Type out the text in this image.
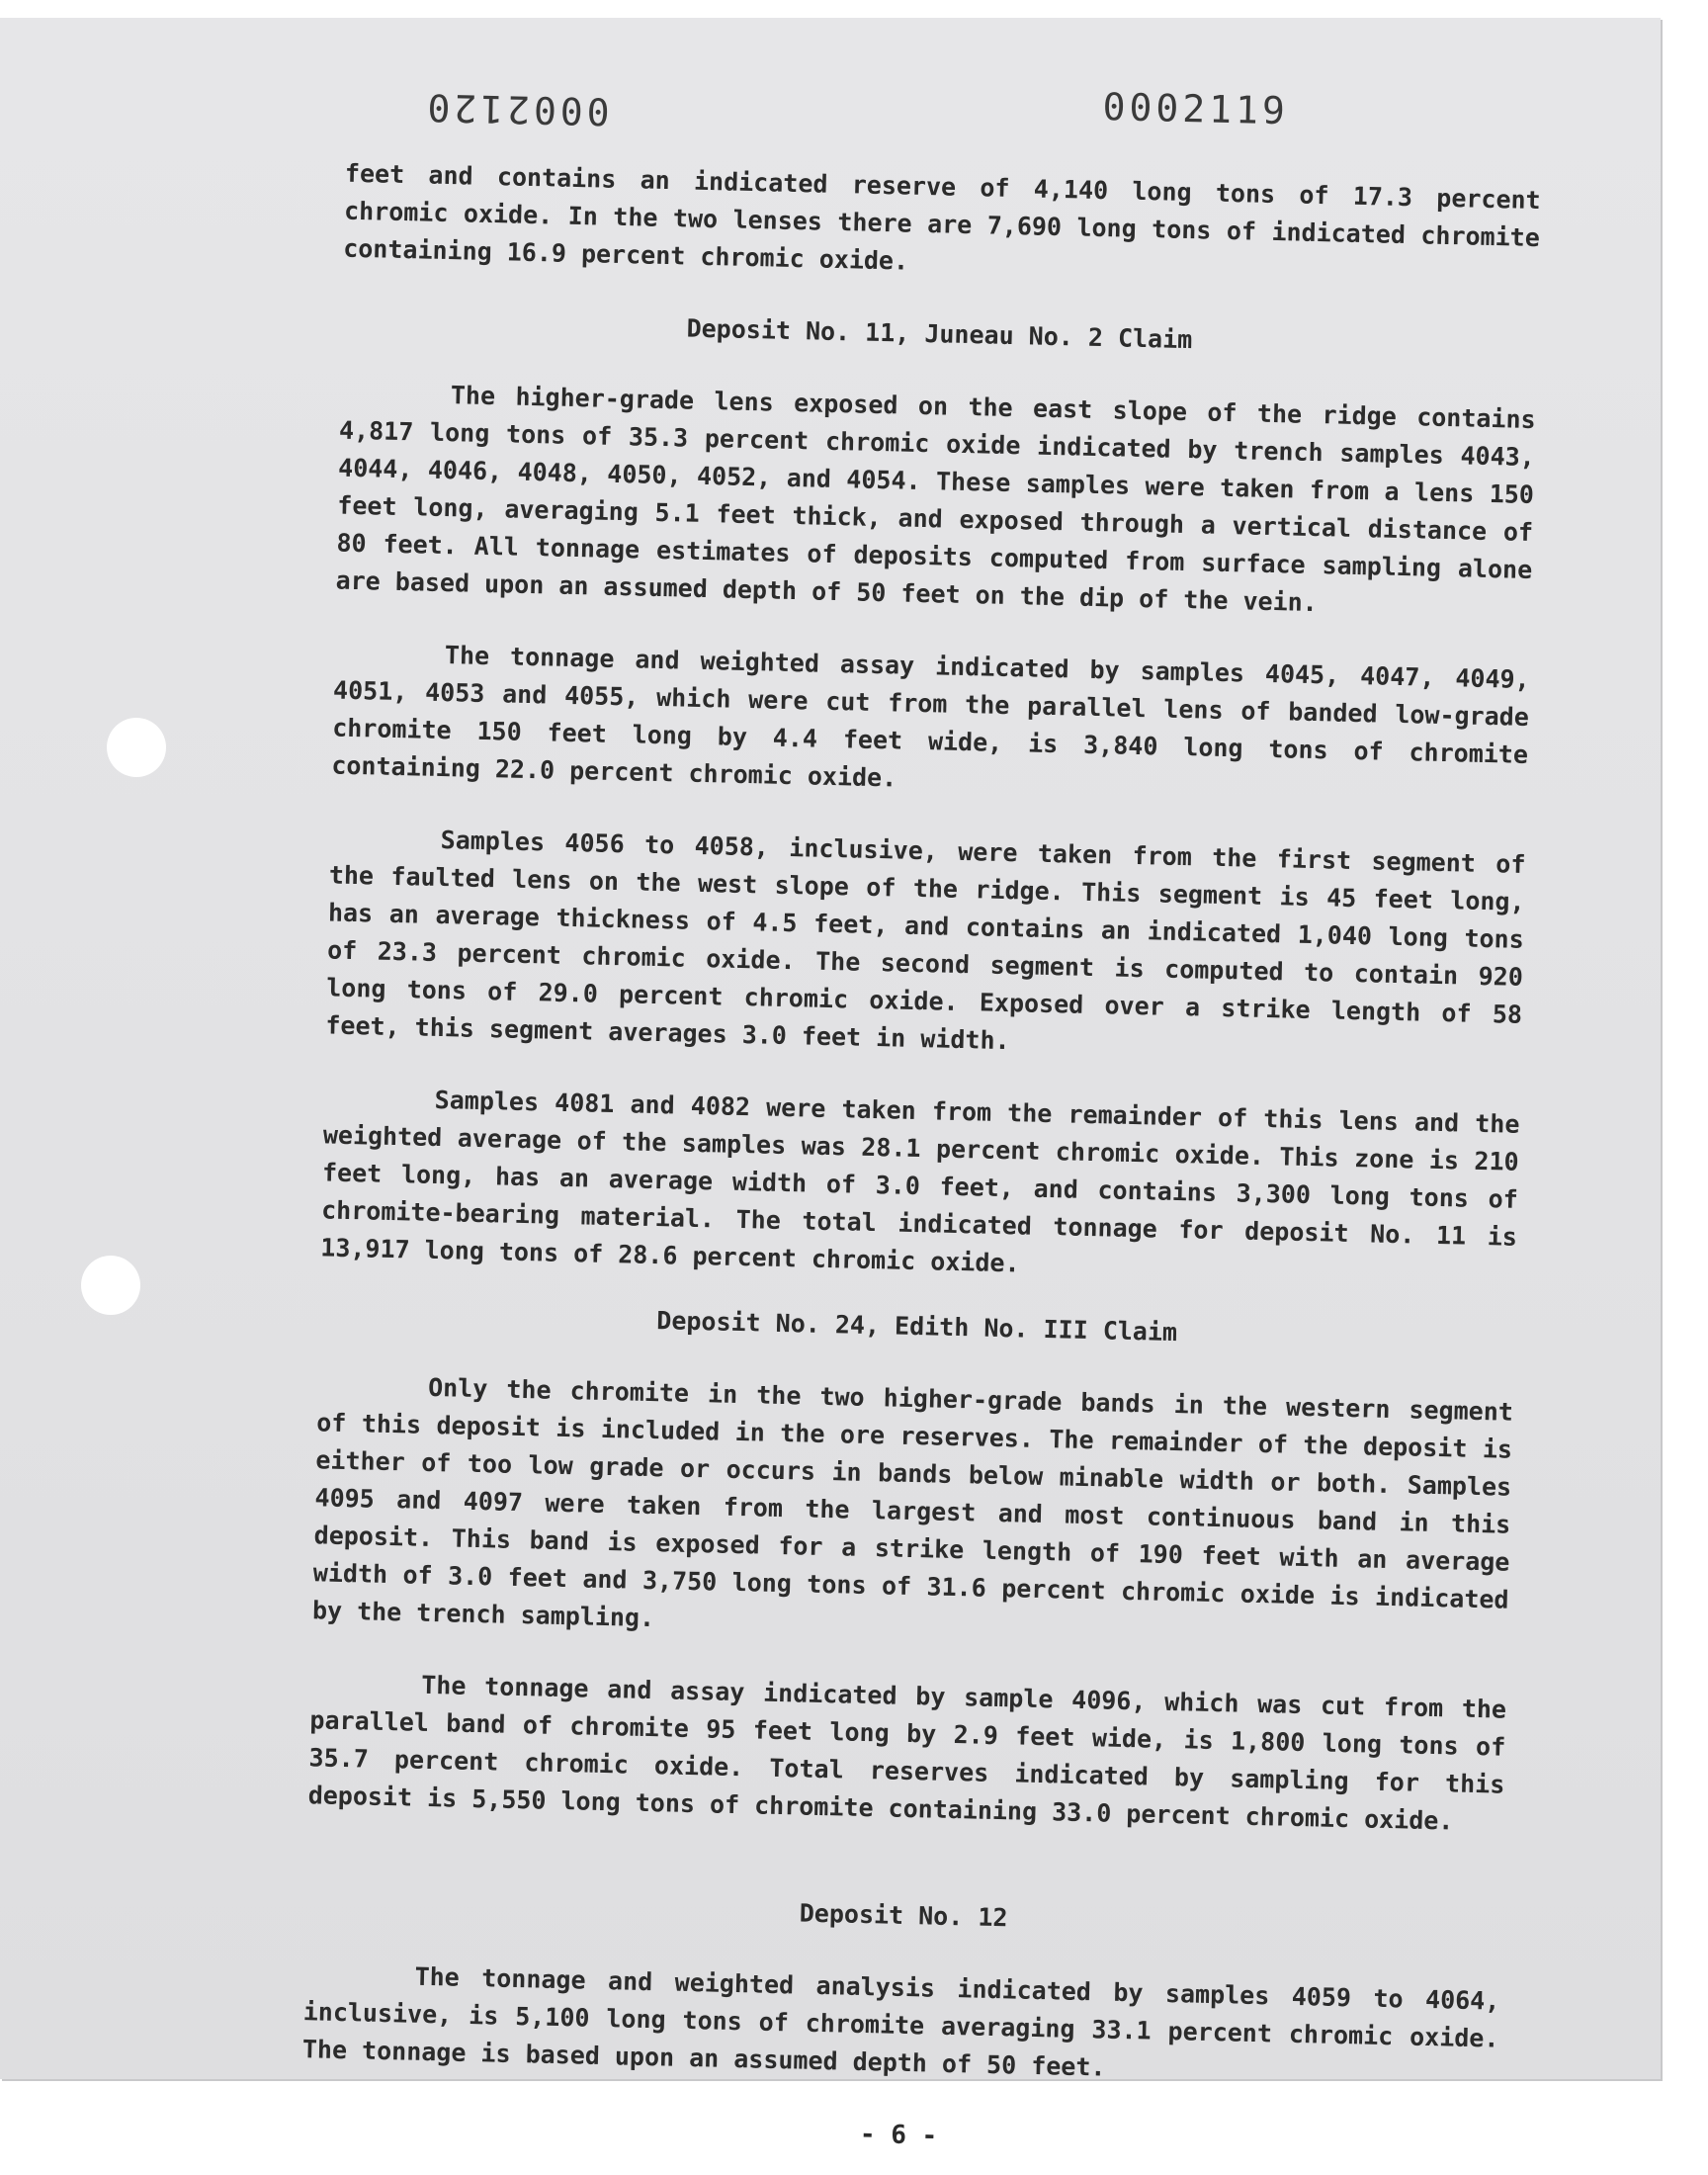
0002120	0002119

feet and contains an indicated reserve of 4,140 long tons of 17.3 percent chromic oxide. In the two lenses there are 7,690 long tons of indicated chromite containing 16.9 percent chromic oxide.

Deposit No. 11, Juneau No. 2 Claim

The higher-grade lens exposed on the east slope of the ridge contains 4,817 long tons of 35.3 percent chromic oxide indicated by trench samples 4043, 4044, 4046, 4048, 4050, 4052, and 4054. These samples were taken from a lens 150 feet long, averaging 5.1 feet thick, and exposed through a vertical distance of 80 feet. All tonnage estimates of deposits computed from surface sampling alone are based upon an assumed depth of 50 feet on the dip of the vein.

The tonnage and weighted assay indicated by samples 4045, 4047, 4049, 4051, 4053 and 4055, which were cut from the parallel lens of banded low-grade chromite 150 feet long by 4.4 feet wide, is 3,840 long tons of chromite containing 22.0 percent chromic oxide.

Samples 4056 to 4058, inclusive, were taken from the first segment of the faulted lens on the west slope of the ridge. This segment is 45 feet long, has an average thickness of 4.5 feet, and contains an indicated 1,040 long tons of 23.3 percent chromic oxide. The second segment is computed to contain 920 long tons of 29.0 percent chromic oxide. Exposed over a strike length of 58 feet, this segment averages 3.0 feet in width.

Samples 4081 and 4082 were taken from the remainder of this lens and the weighted average of the samples was 28.1 percent chromic oxide. This zone is 210 feet long, has an average width of 3.0 feet, and contains 3,300 long tons of chromite-bearing material. The total indicated tonnage for deposit No. 11 is 13,917 long tons of 28.6 percent chromic oxide.

Deposit No. 24, Edith No. III Claim

Only the chromite in the two higher-grade bands in the western segment of this deposit is included in the ore reserves. The remainder of the deposit is either of too low grade or occurs in bands below minable width or both. Samples 4095 and 4097 were taken from the largest and most continuous band in this deposit. This band is exposed for a strike length of 190 feet with an average width of 3.0 feet and 3,750 long tons of 31.6 percent chromic oxide is indicated by the trench sampling.

The tonnage and assay indicated by sample 4096, which was cut from the parallel band of chromite 95 feet long by 2.9 feet wide, is 1,800 long tons of 35.7 percent chromic oxide. Total reserves indicated by sampling for this deposit is 5,550 long tons of chromite containing 33.0 percent chromic oxide.

Deposit No. 12

The tonnage and weighted analysis indicated by samples 4059 to 4064, inclusive, is 5,100 long tons of chromite averaging 33.1 percent chromic oxide. The tonnage is based upon an assumed depth of 50 feet.

- 6 -
